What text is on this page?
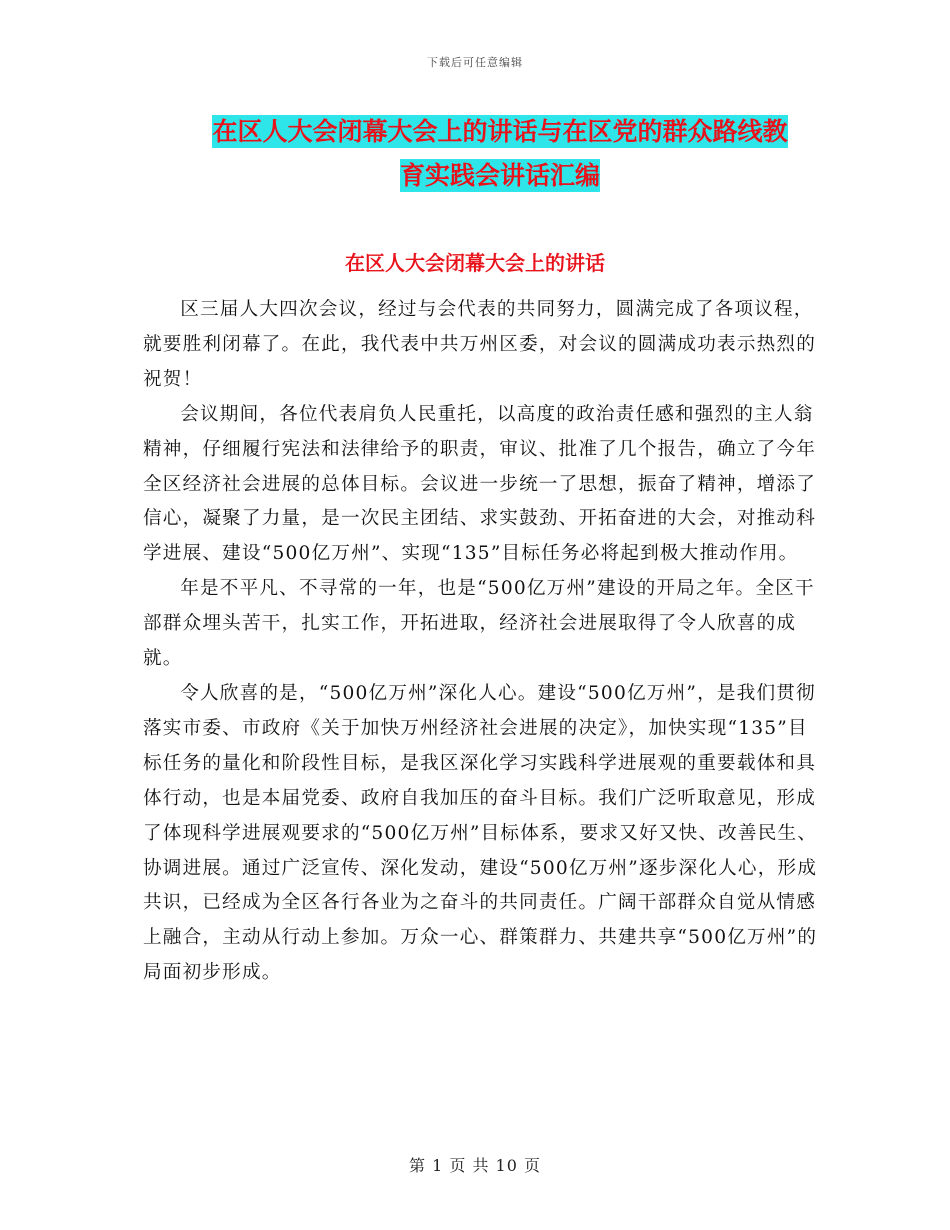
下载后可任意编辑
在区人大会闭幕大会上的讲话与在区党的群众路线教
育实践会讲话汇编
在区人大会闭幕大会上的讲话

区三届人大四次会议，经过与会代表的共同努力，圆满完成了各项议程，就要胜利闭幕了。在此，我代表中共万州区委，对会议的圆满成功表示热烈的祝贺！

会议期间，各位代表肩负人民重托，以高度的政治责任感和强烈的主人翁精神，仔细履行宪法和法律给予的职责，审议、批准了几个报告，确立了今年全区经济社会进展的总体目标。会议进一步统一了思想，振奋了精神，增添了信心，凝聚了力量，是一次民主团结、求实鼓劲、开拓奋进的大会，对推动科学进展、建设“500亿万州”、实现“135”目标任务必将起到极大推动作用。

年是不平凡、不寻常的一年，也是“500亿万州”建设的开局之年。全区干部群众埋头苦干，扎实工作，开拓进取，经济社会进展取得了令人欣喜的成就。

令人欣喜的是，“500亿万州”深化人心。建设“500亿万州”，是我们贯彻落实市委、市政府《关于加快万州经济社会进展的决定》，加快实现“135”目标任务的量化和阶段性目标，是我区深化学习实践科学进展观的重要载体和具体行动，也是本届党委、政府自我加压的奋斗目标。我们广泛听取意见，形成了体现科学进展观要求的“500亿万州”目标体系，要求又好又快、改善民生、协调进展。通过广泛宣传、深化发动，建设“500亿万州”逐步深化人心，形成共识，已经成为全区各行各业为之奋斗的共同责任。广阔干部群众自觉从情感上融合，主动从行动上参加。万众一心、群策群力、共建共享“500亿万州”的局面初步形成。

第 1 页 共 10 页
